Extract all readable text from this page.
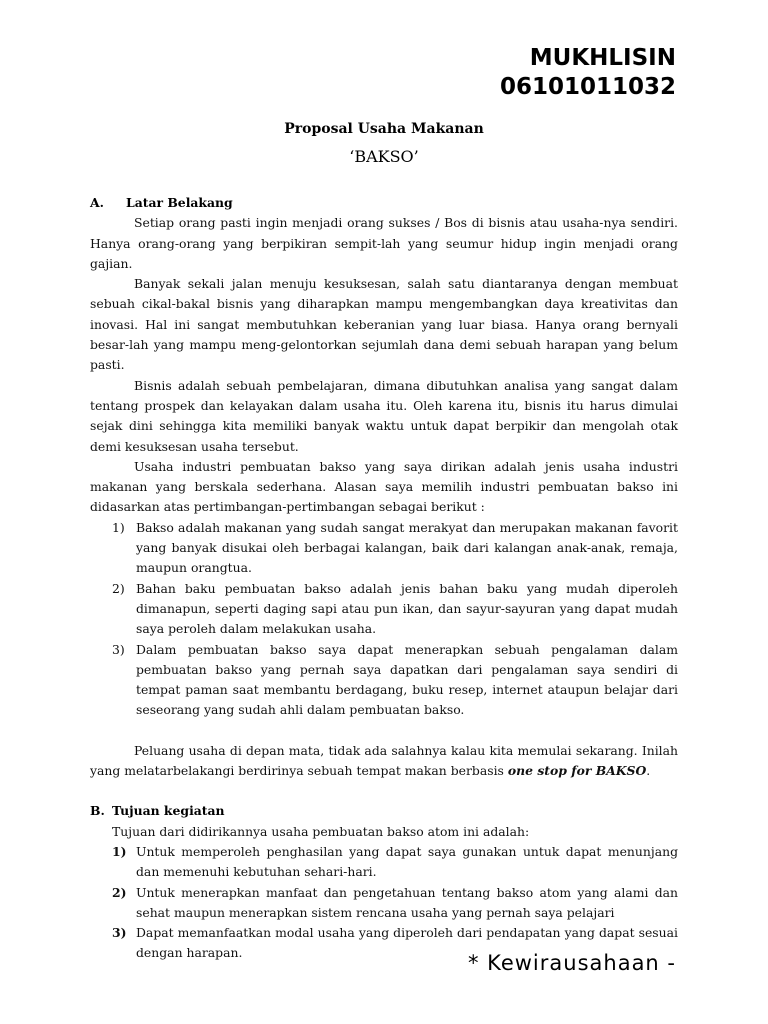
MUKHLISIN
06101011032
Proposal Usaha Makanan
‘BAKSO’
A. Latar Belakang
Setiap orang pasti ingin menjadi orang sukses / Bos di bisnis atau usaha-nya sendiri. Hanya orang-orang yang berpikiran sempit-lah yang seumur hidup ingin menjadi orang gajian.
Banyak sekali jalan menuju kesuksesan, salah satu diantaranya dengan membuat sebuah cikal-bakal bisnis yang diharapkan mampu mengembangkan daya kreativitas dan inovasi. Hal ini sangat membutuhkan keberanian yang luar biasa. Hanya orang bernyali besar-lah yang mampu meng-gelontorkan sejumlah dana demi sebuah harapan yang belum pasti.
Bisnis adalah sebuah pembelajaran, dimana dibutuhkan analisa yang sangat dalam tentang prospek dan kelayakan dalam usaha itu. Oleh karena itu, bisnis itu harus dimulai sejak dini sehingga kita memiliki banyak waktu untuk dapat berpikir dan mengolah otak demi kesuksesan usaha tersebut.
Usaha industri pembuatan bakso yang saya dirikan adalah jenis usaha industri makanan yang berskala sederhana. Alasan saya memilih industri pembuatan bakso ini didasarkan atas pertimbangan-pertimbangan sebagai berikut :
1) Bakso adalah makanan yang sudah sangat merakyat dan merupakan makanan favorit yang banyak disukai oleh berbagai kalangan, baik dari kalangan anak-anak, remaja, maupun orangtua.
2) Bahan baku pembuatan bakso adalah jenis bahan baku yang mudah diperoleh dimanapun, seperti daging sapi atau pun ikan, dan sayur-sayuran yang dapat mudah saya peroleh dalam melakukan usaha.
3) Dalam pembuatan bakso saya dapat menerapkan sebuah pengalaman dalam pembuatan bakso yang pernah saya dapatkan dari pengalaman saya sendiri di tempat paman saat membantu berdagang, buku resep, internet ataupun belajar dari seseorang yang sudah ahli dalam pembuatan bakso.
Peluang usaha di depan mata, tidak ada salahnya kalau kita memulai sekarang. Inilah yang melatarbelakangi berdirinya sebuah tempat makan berbasis one stop for BAKSO.
B. Tujuan kegiatan
Tujuan dari didirikannya usaha pembuatan bakso atom ini adalah:
1) Untuk memperoleh penghasilan yang dapat saya gunakan untuk dapat menunjang dan memenuhi kebutuhan sehari-hari.
2) Untuk menerapkan manfaat dan pengetahuan tentang bakso atom yang alami dan sehat maupun menerapkan sistem rencana usaha yang pernah saya pelajari
3) Dapat memanfaatkan modal usaha yang diperoleh dari pendapatan yang dapat sesuai dengan harapan.	* Kewirausahaan -
